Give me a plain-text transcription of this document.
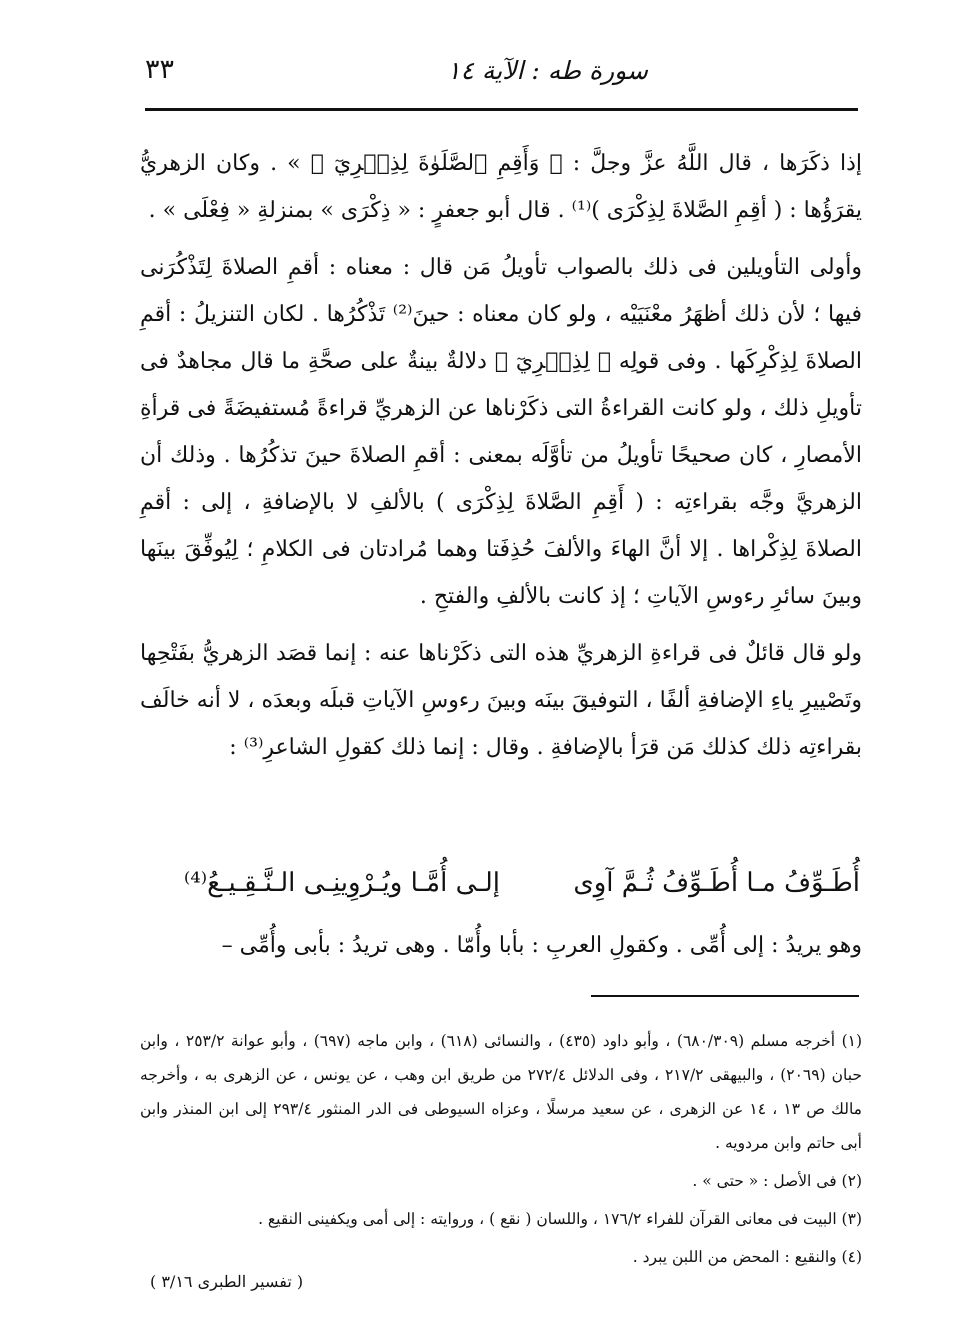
سورة طه : الآية ١٤
٣٣

إذا ذكَرَها ، قال اللَّهُ عزَّ وجلَّ : ﴿ وَأَقِمِ ٱلصَّلَوٰةَ لِذِكۡرِيٓ ﴾ » . وكان الزهريُّ يقرَؤُها : ( أقِمِ الصَّلاةَ لِذِكْرَى )⁽¹⁾ . قال أبو جعفرٍ : « ذِكْرَى » بمنزلةِ « فِعْلَى » .

وأولى التأويلين فى ذلك بالصواب تأويلُ مَن قال : معناه : أقمِ الصلاةَ لِتَذْكُرَنى فيها ؛ لأن ذلك أظهَرُ معْنَيَيْه ، ولو كان معناه : حينَ⁽²⁾ تَذْكُرُها . لكان التنزيلُ : أقمِ الصلاةَ لِذِكْرِكَها . وفى قولِه ﴿ لِذِكۡرِيٓ ﴾ دلالةٌ بينةٌ على صحَّةِ ما قال مجاهدٌ فى تأويلِ ذلك ، ولو كانت القراءةُ التى ذكَرْناها عن الزهريِّ قراءةً مُستفيضَةً فى قرأةِ الأمصارِ ، كان صحيحًا تأويلُ من تأوَّلَه بمعنى : أقمِ الصلاةَ حينَ تذكُرُها . وذلك أن الزهريَّ وجَّه بقراءتِه : ( أَقِمِ الصَّلاةَ لِذِكْرَى ) بالألفِ لا بالإضافةِ ، إلى : أقمِ الصلاةَ لِذِكْراها . إلا أنَّ الهاءَ والألفَ حُذِفَتا وهما مُرادتان فى الكلامِ ؛ لِيُوفِّقَ بينَها وبينَ سائرِ رءوسِ الآياتِ ؛ إذ كانت بالألفِ والفتحِ .

ولو قال قائلٌ فى قراءةِ الزهريِّ هذه التى ذكَرْناها عنه : إنما قصَد الزهريُّ بفَتْحِها وتَصْييرِ ياءِ الإضافةِ ألفًا ، التوفيقَ بينَه وبينَ رءوسِ الآياتِ قبلَه وبعدَه ، لا أنه خالَف بقراءتِه ذلك كذلك مَن قرَأ بالإضافةِ . وقال : إنما ذلك كقولِ الشاعرِ⁽³⁾ :

أُطَـوِّفُ مـا أُطَـوِّفُ ثُـمَّ آوِى
إلـى أُمَّـا ويُـرْوِينِـى الـنَّـقِـيـعُ⁽⁴⁾
وهو يريدُ : إلى أُمِّى . وكقولِ العربِ : بأبا وأُمّا . وهى تريدُ : بأبى وأُمِّى –

(١) أخرجه مسلم (٦٨٠/٣٠٩) ، وأبو داود (٤٣٥) ، والنسائى (٦١٨) ، وابن ماجه (٦٩٧) ، وأبو عوانة ٢٥٣/٢ ، وابن حبان (٢٠٦٩) ، والبيهقى ٢١٧/٢ ، وفى الدلائل ٢٧٢/٤ من طريق ابن وهب ، عن يونس ، عن الزهرى به ، وأخرجه مالك ص ١٣ ، ١٤ عن الزهرى ، عن سعيد مرسلًا ، وعزاه السيوطى فى الدر المنثور ٢٩٣/٤ إلى ابن المنذر وابن أبى حاتم وابن مردويه .

(٢) فى الأصل : « حتى » .

(٣) البيت فى معانى القرآن للفراء ١٧٦/٢ ، واللسان ( نقع ) ، وروايته : إلى أمى ويكفينى النقيع .

(٤) والنقيع : المحض من اللبن يبرد .

( تفسير الطبرى ٣/١٦ )
